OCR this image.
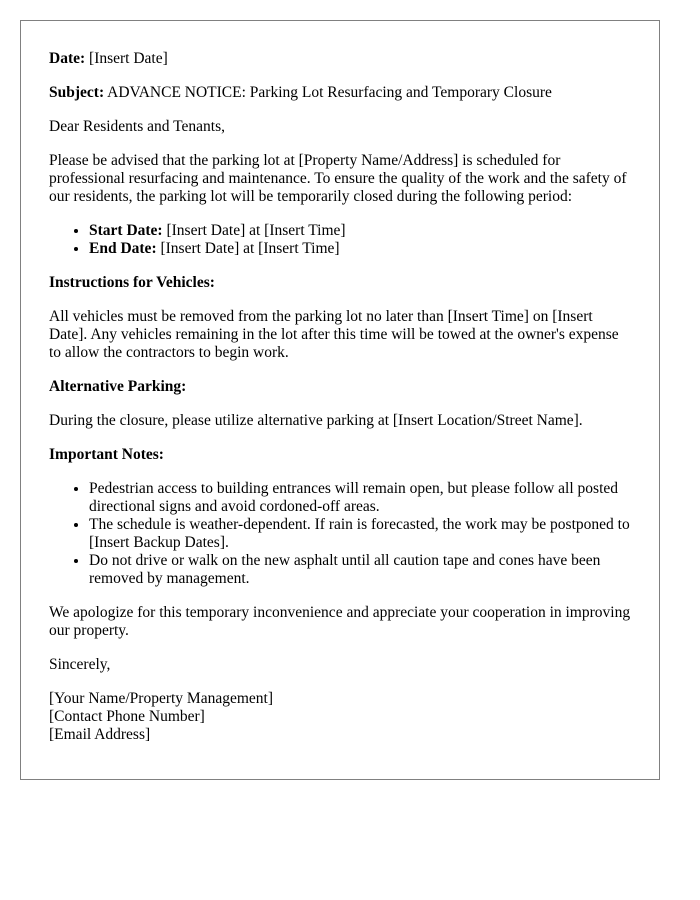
Date: [Insert Date]

Subject: ADVANCE NOTICE: Parking Lot Resurfacing and Temporary Closure

Dear Residents and Tenants,

Please be advised that the parking lot at [Property Name/Address] is scheduled for professional resurfacing and maintenance. To ensure the quality of the work and the safety of our residents, the parking lot will be temporarily closed during the following period:

• Start Date: [Insert Date] at [Insert Time]
• End Date: [Insert Date] at [Insert Time]

Instructions for Vehicles:

All vehicles must be removed from the parking lot no later than [Insert Time] on [Insert Date]. Any vehicles remaining in the lot after this time will be towed at the owner's expense to allow the contractors to begin work.

Alternative Parking:

During the closure, please utilize alternative parking at [Insert Location/Street Name].

Important Notes:

• Pedestrian access to building entrances will remain open, but please follow all posted directional signs and avoid cordoned-off areas.
• The schedule is weather-dependent. If rain is forecasted, the work may be postponed to [Insert Backup Dates].
• Do not drive or walk on the new asphalt until all caution tape and cones have been removed by management.

We apologize for this temporary inconvenience and appreciate your cooperation in improving our property.

Sincerely,

[Your Name/Property Management]
[Contact Phone Number]
[Email Address]
